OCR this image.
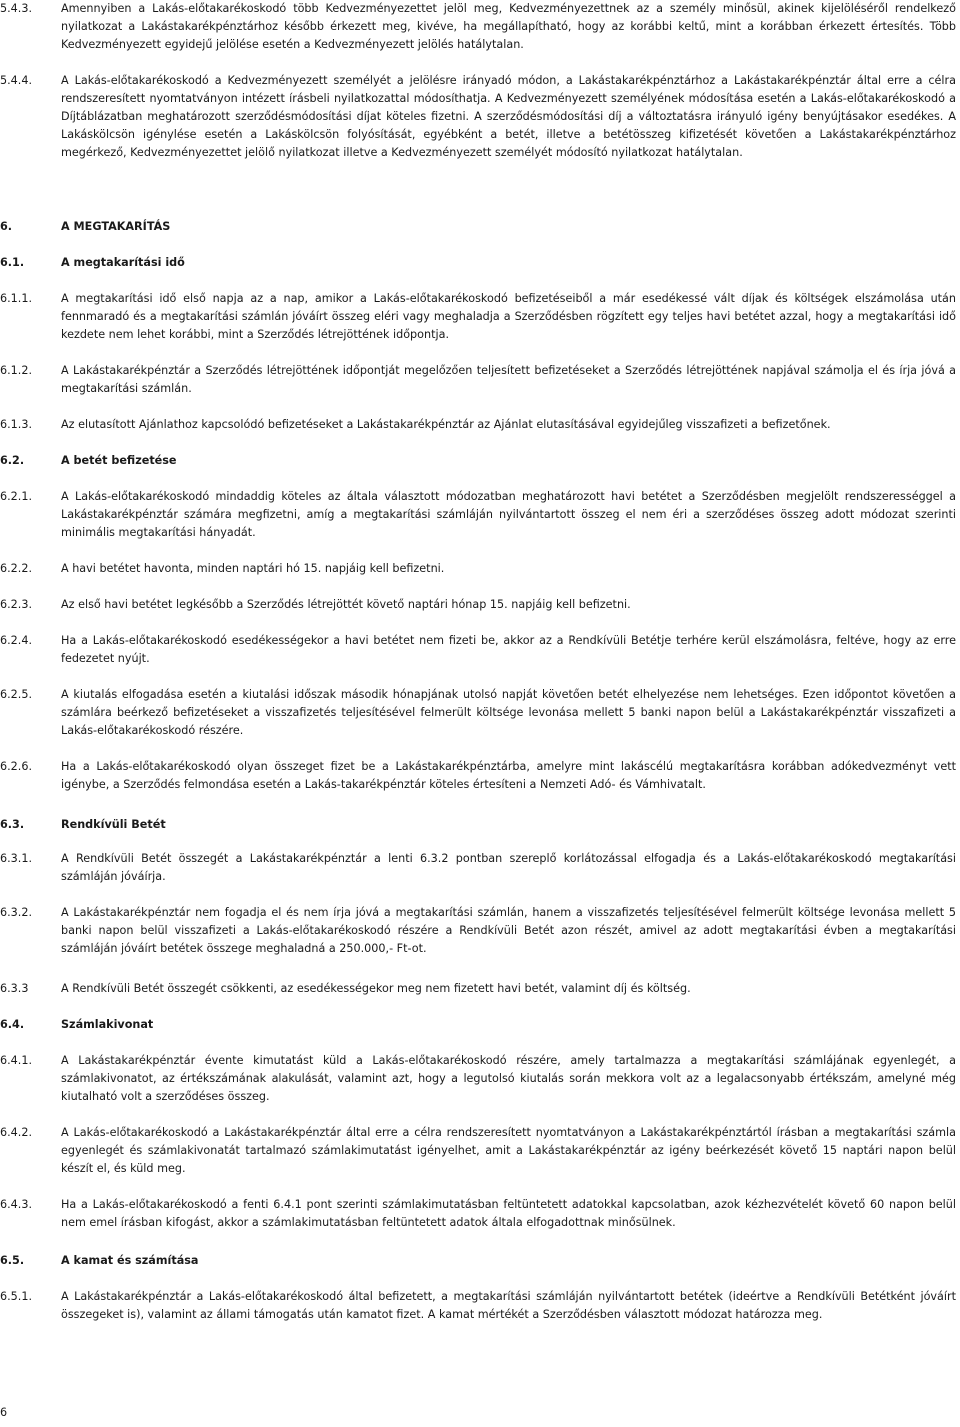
5.4.3.	Amennyiben a Lakás-előtakarékoskodó több Kedvezményezettet jelöl meg, Kedvezményezettnek az a személy minősül, akinek kijelöléséről rendelkező nyilatkozat a Lakástakarékpénztárhoz később érkezett meg, kivéve, ha megállapítható, hogy az korábbi keltű, mint a korábban érkezett értesítés. Több Kedvezményezett egyidejű jelölése esetén a Kedvezményezett jelölés hatálytalan.
5.4.4.	A Lakás-előtakarékoskodó a Kedvezményezett személyét a jelölésre irányadó módon, a Lakástakarékpénztárhoz a Lakástakarékpénztár által erre a célra rendszeresített nyomtatványon intézett írásbeli nyilatkozattal módosíthatja. A Kedvezményezett személyének módosítása esetén a Lakás-előtakarékoskodó a Díjtáblázatban meghatározott szerződésmódosítási díjat köteles fizetni. A szerződésmódosítási díj a változtatásra irányuló igény benyújtásakor esedékes. A Lakáskölcsön igénylése esetén a Lakáskölcsön folyósítását, egyébként a betét, illetve a betétösszeg kifizetését követően a Lakástakarékpénztárhoz megérkező, Kedvezményezettet jelölő nyilatkozat illetve a Kedvezményezett személyét módosító nyilatkozat hatálytalan.
6.	A MEGTAKARÍTÁS
6.1.	A megtakarítási idő
6.1.1.	A megtakarítási idő első napja az a nap, amikor a Lakás-előtakarékoskodó befizetéseiből a már esedékessé vált díjak és költségek elszámolása után fennmaradó és a megtakarítási számlán jóváírt összeg eléri vagy meghaladja a Szerződésben rögzített egy teljes havi betétet azzal, hogy a megtakarítási idő kezdete nem lehet korábbi, mint a Szerződés létrejöttének időpontja.
6.1.2.	A Lakástakarékpénztár a Szerződés létrejöttének időpontját megelőzően teljesített befizetéseket a Szerződés létrejöttének napjával számolja el és írja jóvá a megtakarítási számlán.
6.1.3.	Az elutasított Ajánlathoz kapcsolódó befizetéseket a Lakástakarékpénztár az Ajánlat elutasításával egyidejűleg visszafizeti a befizetőnek.
6.2.	A betét befizetése
6.2.1.	A Lakás-előtakarékoskodó mindaddig köteles az általa választott módozatban meghatározott havi betétet a Szerződésben megjelölt rendszerességgel a Lakástakarékpénztár számára megfizetni, amíg a megtakarítási számláján nyilvántartott összeg el nem éri a szerződéses összeg adott módozat szerinti minimális megtakarítási hányadát.
6.2.2.	A havi betétet havonta, minden naptári hó 15. napjáig kell befizetni.
6.2.3.	Az első havi betétet legkésőbb a Szerződés létrejöttét követő naptári hónap 15. napjáig kell befizetni.
6.2.4.	Ha a Lakás-előtakarékoskodó esedékességekor a havi betétet nem fizeti be, akkor az a Rendkívüli Betétje terhére kerül elszámolásra, feltéve, hogy az erre fedezetet nyújt.
6.2.5.	A kiutalás elfogadása esetén a kiutalási időszak második hónapjának utolsó napját követően betét elhelyezése nem lehetséges. Ezen időpontot követően a számlára beérkező befizetéseket a visszafizetés teljesítésével felmerült költsége levonása mellett 5 banki napon belül a Lakástakarékpénztár visszafizeti a Lakás-előtakarékoskodó részére.
6.2.6.	Ha a Lakás-előtakarékoskodó olyan összeget fizet be a Lakástakarékpénztárba, amelyre mint lakáscélú megtakarításra korábban adókedvezményt vett igénybe, a Szerződés felmondása esetén a Lakás-takarékpénztár köteles értesíteni a Nemzeti Adó- és Vámhivatalt.
6.3.	Rendkívüli Betét
6.3.1.	A Rendkívüli Betét összegét a Lakástakarékpénztár a lenti 6.3.2 pontban szereplő korlátozással elfogadja és a Lakás-előtakarékoskodó megtakarítási számláján jóváírja.
6.3.2.	A Lakástakarékpénztár nem fogadja el és nem írja jóvá a megtakarítási számlán, hanem a visszafizetés teljesítésével felmerült költsége levonása mellett 5 banki napon belül visszafizeti a Lakás-előtakarékoskodó részére a Rendkívüli Betét azon részét, amivel az adott megtakarítási évben a megtakarítási számláján jóváírt betétek összege meghaladná a 250.000,- Ft-ot.
6.3.3	A Rendkívüli Betét összegét csökkenti, az esedékességekor meg nem fizetett havi betét, valamint díj és költség.
6.4.	Számlakivonat
6.4.1.	A Lakástakarékpénztár évente kimutatást küld a Lakás-előtakarékoskodó részére, amely tartalmazza a megtakarítási számlájának egyenlegét, a számlakivonatot, az értékszámának alakulását, valamint azt, hogy a legutolsó kiutalás során mekkora volt az a legalacsonyabb értékszám, amelyné még kiutalható volt a szerződéses összeg.
6.4.2.	A Lakás-előtakarékoskodó a Lakástakarékpénztár által erre a célra rendszeresített nyomtatványon a Lakástakarékpénztártól írásban a megtakarítási számla egyenlegét és számlakivonatát tartalmazó számlakimutatást igényelhet, amit a Lakástakarékpénztár az igény beérkezését követő 15 naptári napon belül készít el, és küld meg.
6.4.3.	Ha a Lakás-előtakarékoskodó a fenti 6.4.1 pont szerinti számlakimutatásban feltüntetett adatokkal kapcsolatban, azok kézhezvételét követő 60 napon belül nem emel írásban kifogást, akkor a számlakimutatásban feltüntetett adatok általa elfogadottnak minősülnek.
6.5.	A kamat és számítása
6.5.1.	A Lakástakarékpénztár a Lakás-előtakarékoskodó által befizetett, a megtakarítási számláján nyilvántartott betétek (ideértve a Rendkívüli Betétként jóváírt összegeket is), valamint az állami támogatás után kamatot fizet. A kamat mértékét a Szerződésben választott módozat határozza meg.
6
